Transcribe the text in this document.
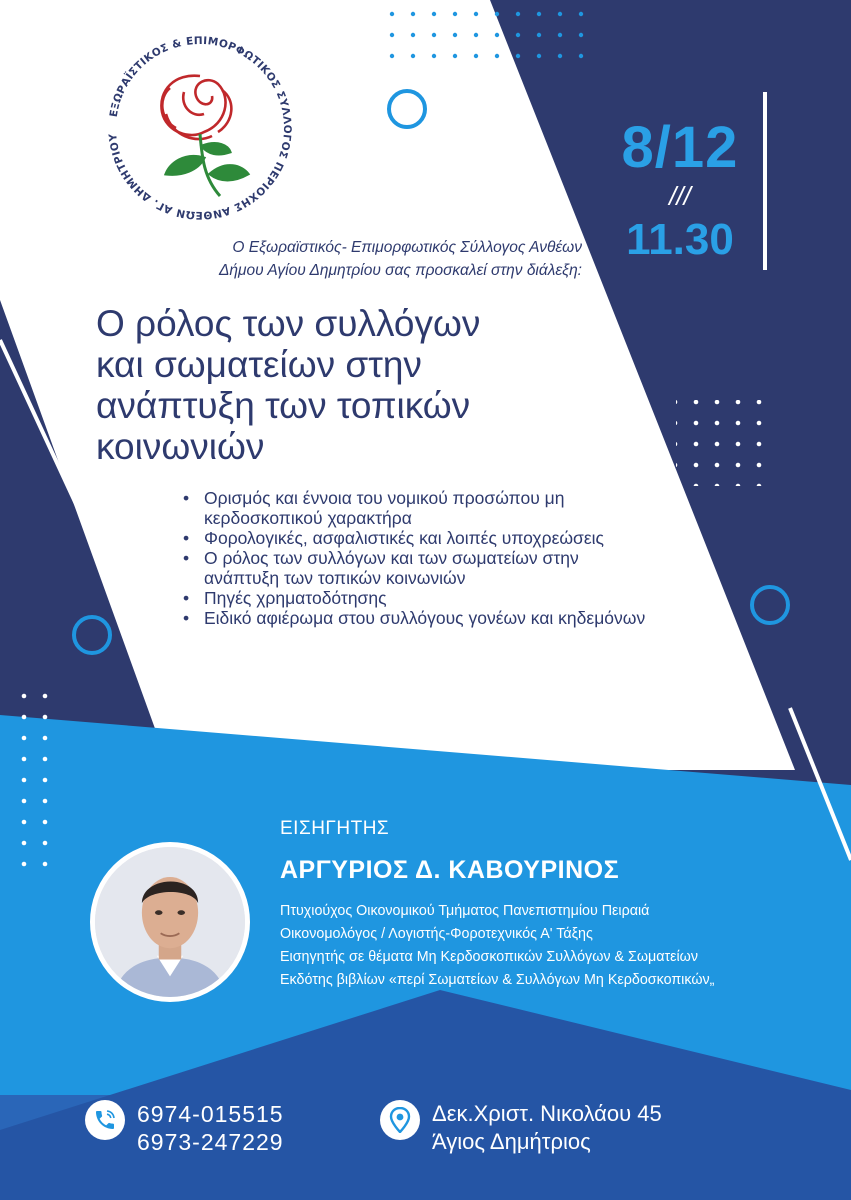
ΕΞΩΡΑΪΣΤΙΚΟΣ & ΕΠΙΜΟΡΦΩΤΙΚΟΣ ΣΥΛΛΟΓΟΣ ΠΕΡΙΟΧΗΣ ΑΝΘΕΩΝ ΑΓ. ΔΗΜΗΤΡΙΟΥ	8/12
///
11.30
Ο Εξωραϊστικός- Επιμορφωτικός Σύλλογος Ανθέων
Δήμου Αγίου Δημητρίου σας προσκαλεί στην διάλεξη:
Ο ρόλος των συλλόγων
και σωματείων στην
ανάπτυξη των τοπικών
κοινωνιών
• Ορισμός και έννοια του νομικού προσώπου μη κερδοσκοπικού χαρακτήρα
• Φορολογικές, ασφαλιστικές και λοιπές υποχρεώσεις
• Ο ρόλος των συλλόγων και των σωματείων στην ανάπτυξη των τοπικών κοινωνιών
• Πηγές χρηματοδότησης
• Ειδικό αφιέρωμα στου συλλόγους γονέων και κηδεμόνων
ΕΙΣΗΓΗΤΗΣ
ΑΡΓΥΡΙΟΣ Δ. ΚΑΒΟΥΡΙΝΟΣ
Πτυχιούχος Οικονομικού Τμήματος Πανεπιστημίου Πειραιά
Οικονομολόγος / Λογιστής-Φοροτεχνικός Α' Τάξης
Εισηγητής σε θέματα Μη Κερδοσκοπικών Συλλόγων & Σωματείων
Εκδότης βιβλίων «περί Σωματείων & Συλλόγων Μη Κερδοσκοπικών„
6974-015515
6973-247229
Δεκ.Χριστ. Νικολάου 45
Άγιος Δημήτριος
